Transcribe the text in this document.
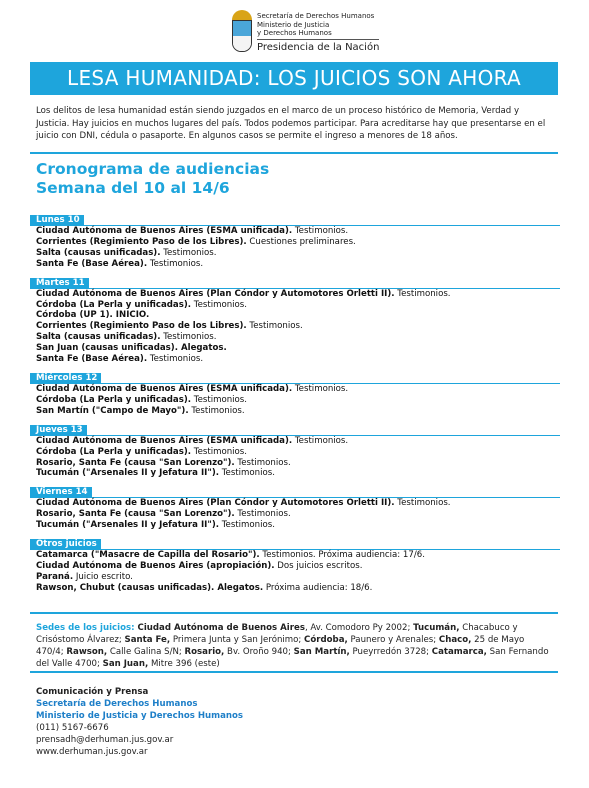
Secretaría de Derechos Humanos
Ministerio de Justicia
y Derechos Humanos
Presidencia de la Nación
LESA HUMANIDAD: LOS JUICIOS SON AHORA
Los delitos de lesa humanidad están siendo juzgados en el marco de un proceso histórico de Memoria, Verdad y Justicia. Hay juicios en muchos lugares del país. Todos podemos participar. Para acreditarse hay que presentarse en el juicio con DNI, cédula o pasaporte. En algunos casos se permite el ingreso a menores de 18 años.
Cronograma de audiencias
Semana del 10 al 14/6
Lunes 10
Ciudad Autónoma de Buenos Aires (ESMA unificada). Testimonios.
Corrientes (Regimiento Paso de los Libres). Cuestiones preliminares.
Salta (causas unificadas). Testimonios.
Santa Fe (Base Aérea). Testimonios.
Martes 11
Ciudad Autónoma de Buenos Aires (Plan Cóndor y Automotores Orletti II). Testimonios.
Córdoba (La Perla y unificadas). Testimonios.
Córdoba (UP 1). INICIO.
Corrientes (Regimiento Paso de los Libres). Testimonios.
Salta (causas unificadas). Testimonios.
San Juan (causas unificadas). Alegatos.
Santa Fe (Base Aérea). Testimonios.
Miércoles 12
Ciudad Autónoma de Buenos Aires (ESMA unificada). Testimonios.
Córdoba (La Perla y unificadas). Testimonios.
San Martín ("Campo de Mayo"). Testimonios.
Jueves 13
Ciudad Autónoma de Buenos Aires (ESMA unificada). Testimonios.
Córdoba (La Perla y unificadas). Testimonios.
Rosario, Santa Fe (causa "San Lorenzo"). Testimonios.
Tucumán ("Arsenales II y Jefatura II"). Testimonios.
Viernes 14
Ciudad Autónoma de Buenos Aires (Plan Cóndor y Automotores Orletti II). Testimonios.
Rosario, Santa Fe (causa "San Lorenzo"). Testimonios.
Tucumán ("Arsenales II y Jefatura II"). Testimonios.
Otros juicios
Catamarca ("Masacre de Capilla del Rosario"). Testimonios. Próxima audiencia: 17/6.
Ciudad Autónoma de Buenos Aires (apropiación). Dos juicios escritos.
Paraná. Juicio escrito.
Rawson, Chubut (causas unificadas). Alegatos. Próxima audiencia: 18/6.
Sedes de los juicios: Ciudad Autónoma de Buenos Aires, Av. Comodoro Py 2002; Tucumán, Chacabuco y Crisóstomo Álvarez; Santa Fe, Primera Junta y San Jerónimo; Córdoba, Paunero y Arenales; Chaco, 25 de Mayo 470/4; Rawson, Calle Galina S/N; Rosario, Bv. Oroño 940; San Martín, Pueyrredón 3728; Catamarca, San Fernando del Valle 4700; San Juan, Mitre 396 (este)
Comunicación y Prensa
Secretaría de Derechos Humanos
Ministerio de Justicia y Derechos Humanos
(011) 5167-6676
prensadh@derhuman.jus.gov.ar
www.derhuman.jus.gov.ar
